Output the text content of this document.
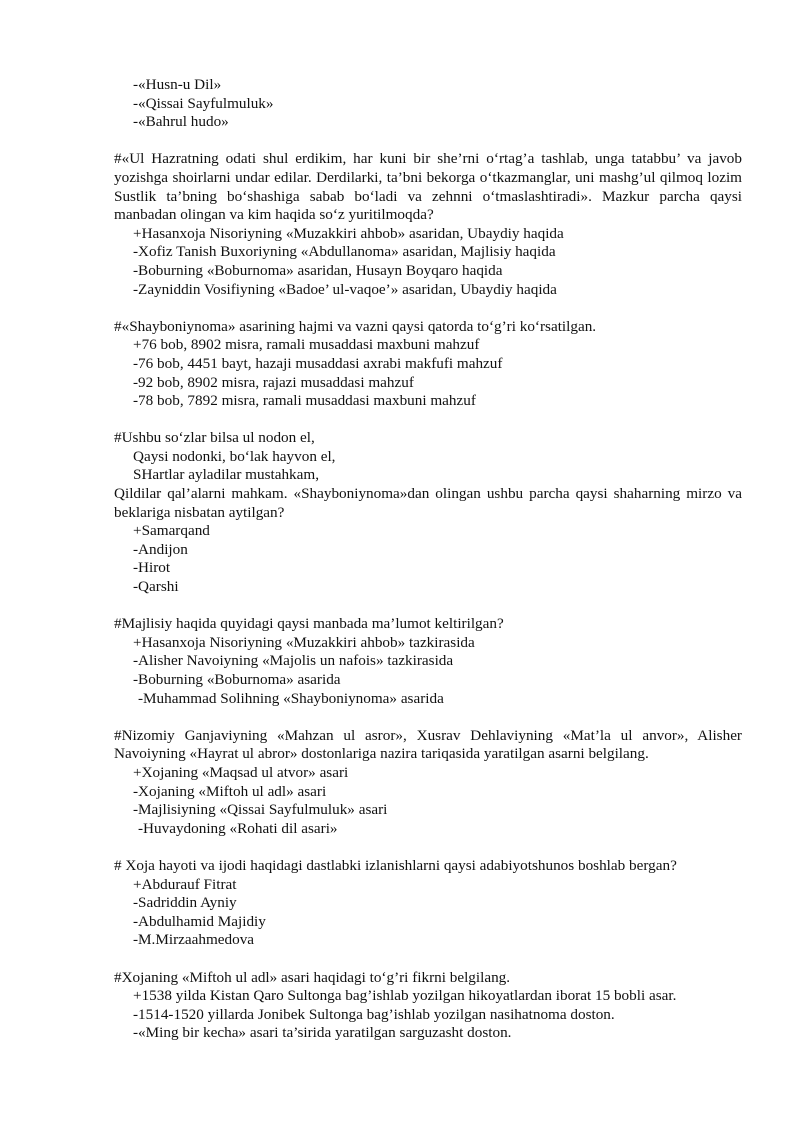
-«Husn-u Dil»
-«Qissai Sayfulmuluk»
-«Bahrul hudo»
#«Ul Hazratning odati shul erdikim, har kuni bir she’rni o‘rtag’a tashlab, unga tatabbu’ va javob yozishga shoirlarni undar edilar. Derdilarki, ta’bni bekorga o‘tkazmanglar, uni mashg’ul qilmoq lozim Sustlik ta’bning bo‘shashiga sabab bo‘ladi va zehnni o‘tmaslashtiradi». Mazkur parcha qaysi manbadan olingan va kim haqida so‘z yuritilmoqda?
+Hasanxoja Nisoriyning «Muzakkiri ahbob» asaridan, Ubaydiy haqida
-Xofiz Tanish Buxoriyning «Abdullanoma» asaridan, Majlisiy haqida
-Boburning «Boburnoma» asaridan, Husayn Boyqaro haqida
-Zayniddin Vosifiyning «Badoe’ ul-vaqoe’» asaridan, Ubaydiy haqida
#«Shayboniynoma» asarining hajmi va vazni qaysi qatorda to‘g’ri ko‘rsatilgan.
+76 bob, 8902 misra, ramali musaddasi maxbuni mahzuf
-76 bob, 4451 bayt, hazaji musaddasi axrabi makfufi mahzuf
-92 bob, 8902 misra, rajazi musaddasi mahzuf
-78 bob, 7892 misra, ramali musaddasi maxbuni mahzuf
#Ushbu so‘zlar bilsa ul nodon el,
Qaysi nodonki, bo‘lak hayvon el,
SHartlar ayladilar mustahkam,
Qildilar qal’alarni mahkam. «Shayboniynoma»dan olingan ushbu parcha qaysi shaharning mirzo va beklariga nisbatan aytilgan?
+Samarqand
-Andijon
-Hirot
-Qarshi
#Majlisiy haqida quyidagi qaysi manbada ma’lumot keltirilgan?
+Hasanxoja Nisoriyning «Muzakkiri ahbob» tazkirasida
-Alisher Navoiyning «Majolis un nafois» tazkirasida
-Boburning «Boburnoma» asarida
-Muhammad Solihning «Shayboniynoma» asarida
#Nizomiy Ganjaviyning «Mahzan ul asror», Xusrav Dehlaviyning «Mat’la ul anvor», Alisher Navoiyning «Hayrat ul abror» dostonlariga nazira tariqasida yaratilgan asarni belgilang.
+Xojaning «Maqsad ul atvor» asari
-Xojaning «Miftoh ul adl» asari
-Majlisiyning «Qissai Sayfulmuluk» asari
-Huvaydoning «Rohati dil asari»
# Xoja hayoti va ijodi haqidagi dastlabki izlanishlarni qaysi adabiyotshunos boshlab bergan?
+Abdurauf Fitrat
-Sadriddin Ayniy
-Abdulhamid Majidiy
-M.Mirzaahmedova
#Xojaning «Miftoh ul adl» asari haqidagi to‘g’ri fikrni belgilang.
+1538 yilda Kistan Qaro Sultonga bag’ishlab yozilgan hikoyatlardan iborat 15 bobli asar.
-1514-1520 yillarda Jonibek Sultonga bag’ishlab yozilgan nasihatnoma doston.
-«Ming bir kecha» asari ta’sirida yaratilgan sarguzasht doston.
